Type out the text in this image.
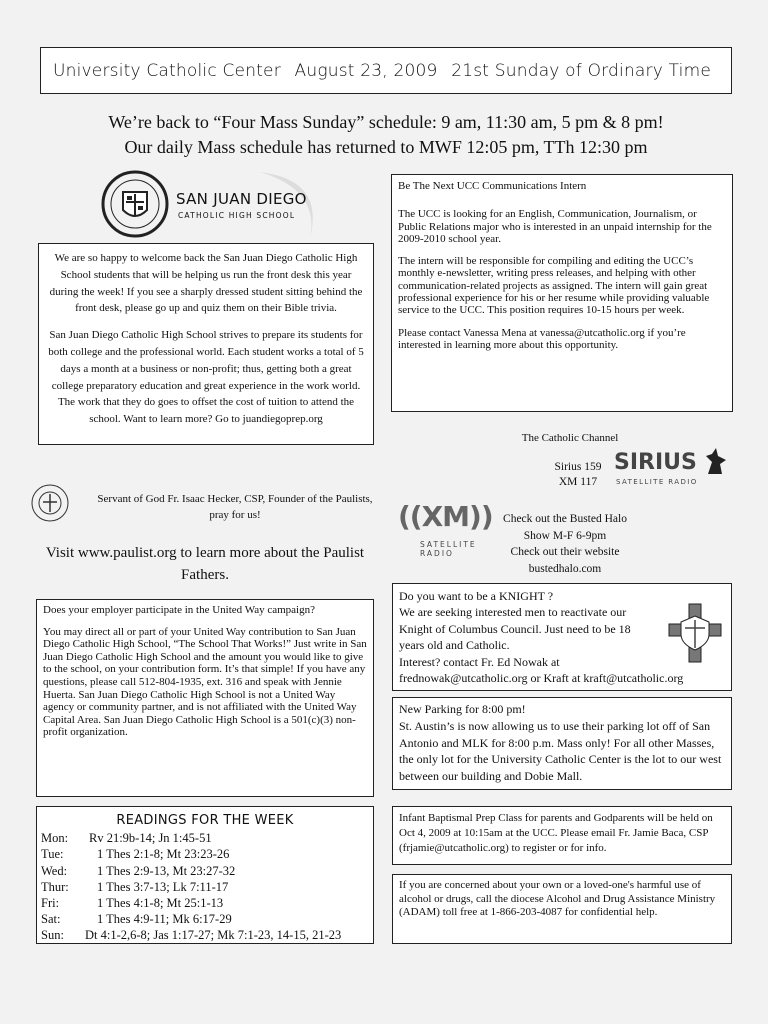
University Catholic Center August 23, 2009 21st Sunday of Ordinary Time
We’re back to “Four Mass Sunday” schedule: 9 am, 11:30 am, 5 pm & 8 pm!
Our daily Mass schedule has returned to MWF 12:05 pm, TTh 12:30 pm
SAN JUAN DIEGO
CATHOLIC HIGH SCHOOL

We are so happy to welcome back the San Juan Diego Catholic High School students that will be helping us run the front desk this year during the week! If you see a sharply dressed student sitting behind the front desk, please go up and quiz them on their Bible trivia.

San Juan Diego Catholic High School strives to prepare its students for both college and the professional world. Each student works a total of 5 days a month at a business or non-profit; thus, getting both a great college preparatory education and great experience in the work world. The work that they do goes to offset the cost of tuition to attend the school. Want to learn more? Go to juandiegoprep.org

Servant of God Fr. Isaac Hecker, CSP, Founder of the Paulists, pray for us!
Visit www.paulist.org to learn more about the Paulist Fathers.

Does your employer participate in the United Way campaign?

You may direct all or part of your United Way contribution to San Juan Diego Catholic High School, “The School That Works!” Just write in San Juan Diego Catholic High School and the amount you would like to give to the school, on your contribution form. It’s that simple! If you have any questions, please call 512-804-1935, ext. 316 and speak with Jennie Huerta. San Juan Diego Catholic High School is not a United Way agency or community partner, and is not affiliated with the United Way Capital Area. San Juan Diego Catholic High School is a 501(c)(3) non-profit organization.

READINGS FOR THE WEEK
Mon:	Rv 21:9b-14; Jn 1:45-51
Tue:	1 Thes 2:1-8; Mt 23:23-26
Wed:	1 Thes 2:9-13, Mt 23:27-32
Thur:	1 Thes 3:7-13; Lk 7:11-17
Fri:	1 Thes 4:1-8; Mt 25:1-13
Sat:	1 Thes 4:9-11; Mk 6:17-29
Sun:	Dt 4:1-2,6-8; Jas 1:17-27; Mk 7:1-23, 14-15, 21-23

Be The Next UCC Communications Intern

The UCC is looking for an English, Communication, Journalism, or Public Relations major who is interested in an unpaid internship for the 2009-2010 school year.

The intern will be responsible for compiling and editing the UCC’s monthly e-newsletter, writing press releases, and helping with other communication-related projects as assigned. The intern will gain great professional experience for his or her resume while providing valuable service to the UCC. This position requires 10-15 hours per week.

Please contact Vanessa Mena at vanessa@utcatholic.org if you’re interested in learning more about this opportunity.

The Catholic Channel
Sirius 159
XM 117
SIRIUS
SATELLITE RADIO
((XM))
SATELLITE RADIO
Check out the Busted Halo
Show M-F 6-9pm
Check out their website
bustedhalo.com
Do you want to be a KNIGHT ?
We are seeking interested men to reactivate our Knight of Columbus Council. Just need to be 18 years old and Catholic.
Interest? contact Fr. Ed Nowak at
frednowak@utcatholic.org or Kraft at kraft@utcatholic.org
New Parking for 8:00 pm!
St. Austin’s is now allowing us to use their parking lot off of San Antonio and MLK for 8:00 p.m. Mass only! For all other Masses, the only lot for the University Catholic Center is the lot to our west between our building and Dobie Mall.
Infant Baptismal Prep Class for parents and Godparents will be held on Oct 4, 2009 at 10:15am at the UCC. Please email Fr. Jamie Baca, CSP (frjamie@utcatholic.org) to register or for info.
If you are concerned about your own or a loved-one's harmful use of alcohol or drugs, call the diocese Alcohol and Drug Assistance Ministry (ADAM) toll free at 1-866-203-4087 for confidential help.
